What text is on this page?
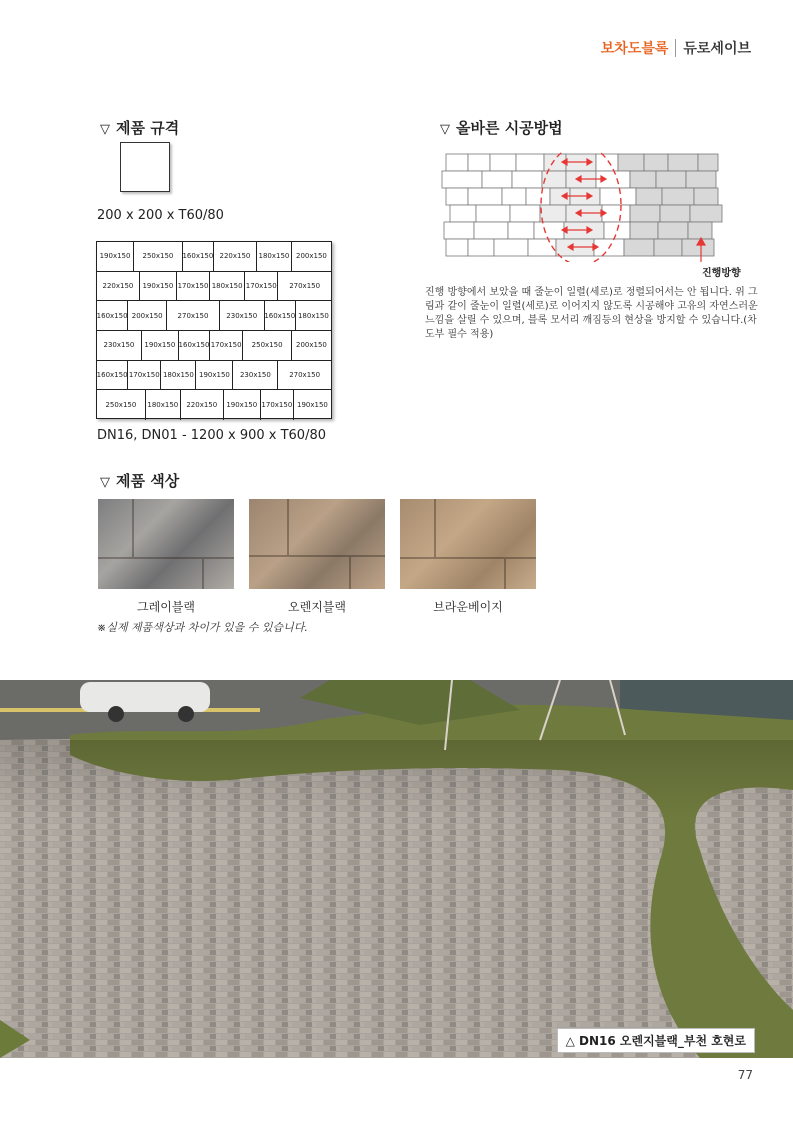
보차도블록 듀로세이브
▽ 제품 규격
200 x 200 x T60/80
190x150	250x150	160x150 220x150	180x150 200x150
220x150	190x150 170x150 180x150 170x150	270x150
160x150 200x150	270x150	230x150	160x150 180x150
230x150	190x150 160x150 170x150	250x150	200x150
160x150 170x150 180x150 190x150	230x150	270x150
250x150	180x150	220x150	190x150 170x150 190x150
DN16, DN01 - 1200 x 900 x T60/80
▽ 제품 색상
그레이블랙	오렌지블랙	브라운베이지
※실제 제품색상과 차이가 있을 수 있습니다.
▽ 올바른 시공방법
진행방향
진행 방향에서 보았을 때 줄눈이 일렬(세로)로 정렬되어서는 안 됩니다. 위 그림과 같이 줄눈이 일렬(세로)로 이어지지 않도록 시공해야 고유의 자연스러운 느낌을 살릴 수 있으며, 블록 모서리 깨짐등의 현상을 방지할 수 있습니다.(차도부 필수 적용)
△ DN16 오렌지블랙_부천 호현로
77
